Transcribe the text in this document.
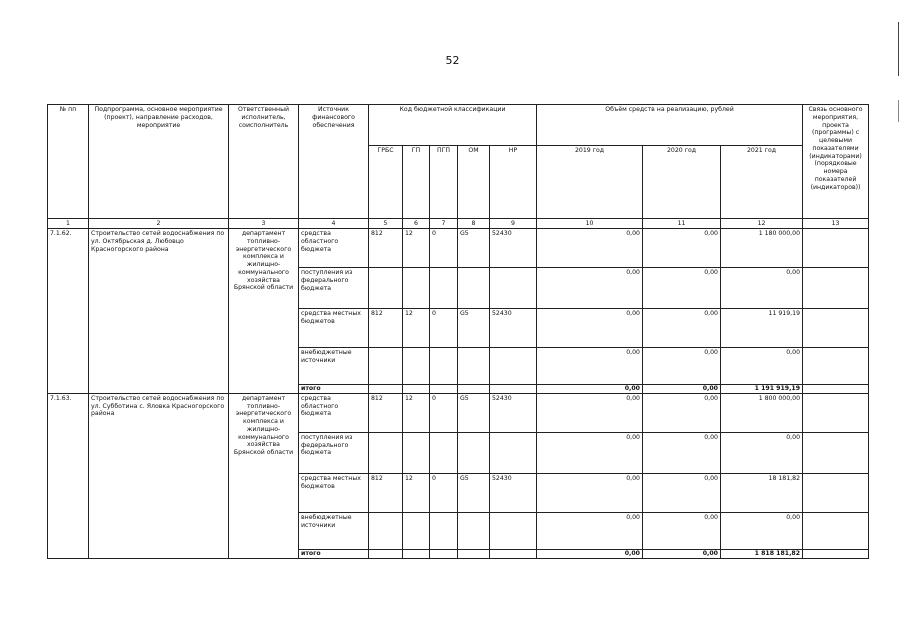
52
№ пп	Подпрограмма, основное мероприятие (проект), направление расходов, мероприятие	Ответственный исполнитель, соисполнитель	Источник финансового обеспечения	Код бюджетной классификации					Объём средств на реализацию, рублей			Связь основного мероприятия, проекта (программы) с целевыми показателями (индикаторами) (порядковые номера показателей (индикаторов))
				ГРБС	ГП	ПГП	ОМ	НР	2019 год	2020 год	2021 год	
1	2	3	4	5	6	7	8	9	10	11	12	13
7.1.62.	Строительство сетей водоснабжения по ул. Октябрьская д. Любовцо Красногорского района	департамент топливно-энергетического комплекса и жилищно-коммунального хозяйства Брянской области	средства областного бюджета	812	12	0	G5	52430	0,00	0,00	1 180 000,00	
			поступления из федерального бюджета						0,00	0,00	0,00	
			средства местных бюджетов	812	12	0	G5	52430	0,00	0,00	11 919,19	
			внебюджетные источники						0,00	0,00	0,00	
			итого						0,00	0,00	1 191 919,19	
7.1.63.	Строительство сетей водоснабжения по ул. Субботина с. Яловка Красногорского района	департамент топливно-энергетического комплекса и жилищно-коммунального хозяйства Брянской области	средства областного бюджета	812	12	0	G5	52430	0,00	0,00	1 800 000,00	
			поступления из федерального бюджета						0,00	0,00	0,00	
			средства местных бюджетов	812	12	0	G5	52430	0,00	0,00	18 181,82	
			внебюджетные источники						0,00	0,00	0,00	
			итого						0,00	0,00	1 818 181,82	
